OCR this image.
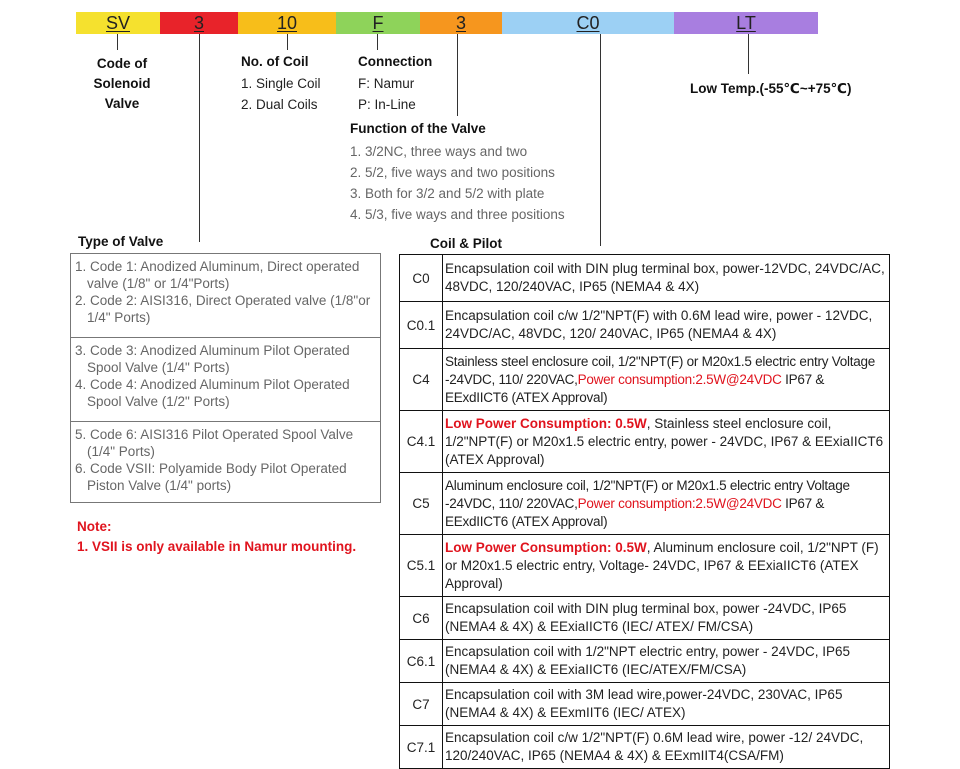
SV	3	10	F	3	C0	LT
Code of
Solenoid Valve
No. of Coil
1. Single Coil
2. Dual Coils
Connection
F: Namur
P: In-Line
Low Temp.(-55℃~+75℃)
Function of the Valve
1. 3/2NC, three ways and two
2. 5/2, five ways and two positions
3. Both for 3/2 and 5/2 with plate
4. 5/3, five ways and three positions
Type of Valve	Coil & Pilot
1. Code 1: Anodized Aluminum, Direct operated valve (1/8" or 1/4"Ports)
2. Code 2: AISI316, Direct Operated valve (1/8"or 1/4" Ports)
3. Code 3: Anodized Aluminum Pilot Operated Spool Valve (1/4" Ports)
4. Code 4: Anodized Aluminum Pilot Operated Spool Valve (1/2" Ports)
5. Code 6: AISI316 Pilot Operated Spool Valve (1/4" Ports)
6. Code VSII: Polyamide Body Pilot Operated Piston Valve (1/4" ports)
Note:
1. VSII is only available in Namur mounting.
C0	Encapsulation coil with DIN plug terminal box, power-12VDC, 24VDC/AC, 48VDC, 120/240VAC, IP65 (NEMA4 & 4X)
C0.1	Encapsulation coil c/w 1/2"NPT(F) with 0.6M lead wire, power - 12VDC, 24VDC/AC, 48VDC, 120/ 240VAC, IP65 (NEMA4 & 4X)
C4	Stainless steel enclosure coil, 1/2"NPT(F) or M20x1.5 electric entry Voltage -24VDC, 110/ 220VAC,Power consumption:2.5W@24VDC IP67 & EExdIICT6 (ATEX Approval)
C4.1	Low Power Consumption: 0.5W, Stainless steel enclosure coil, 1/2"NPT(F) or M20x1.5 electric entry, power - 24VDC, IP67 & EExiaIICT6 (ATEX Approval)
C5	Aluminum enclosure coil, 1/2"NPT(F) or M20x1.5 electric entry Voltage -24VDC, 110/ 220VAC,Power consumption:2.5W@24VDC IP67 & EExdIICT6 (ATEX Approval)
C5.1	Low Power Consumption: 0.5W, Aluminum enclosure coil, 1/2"NPT (F) or M20x1.5 electric entry, Voltage- 24VDC, IP67 & EExiaIICT6 (ATEX Approval)
C6	Encapsulation coil with DIN plug terminal box, power -24VDC, IP65 (NEMA4 & 4X) & EExiaIICT6 (IEC/ ATEX/ FM/CSA)
C6.1	Encapsulation coil with 1/2"NPT electric entry, power - 24VDC, IP65 (NEMA4 & 4X) & EExiaIICT6 (IEC/ATEX/FM/CSA)
C7	Encapsulation coil with 3M lead wire,power-24VDC, 230VAC, IP65 (NEMA4 & 4X) & EExmIIT6 (IEC/ ATEX)
C7.1	Encapsulation coil c/w 1/2"NPT(F) 0.6M lead wire, power -12/ 24VDC, 120/240VAC, IP65 (NEMA4 & 4X) & EExmIIT4(CSA/FM)
